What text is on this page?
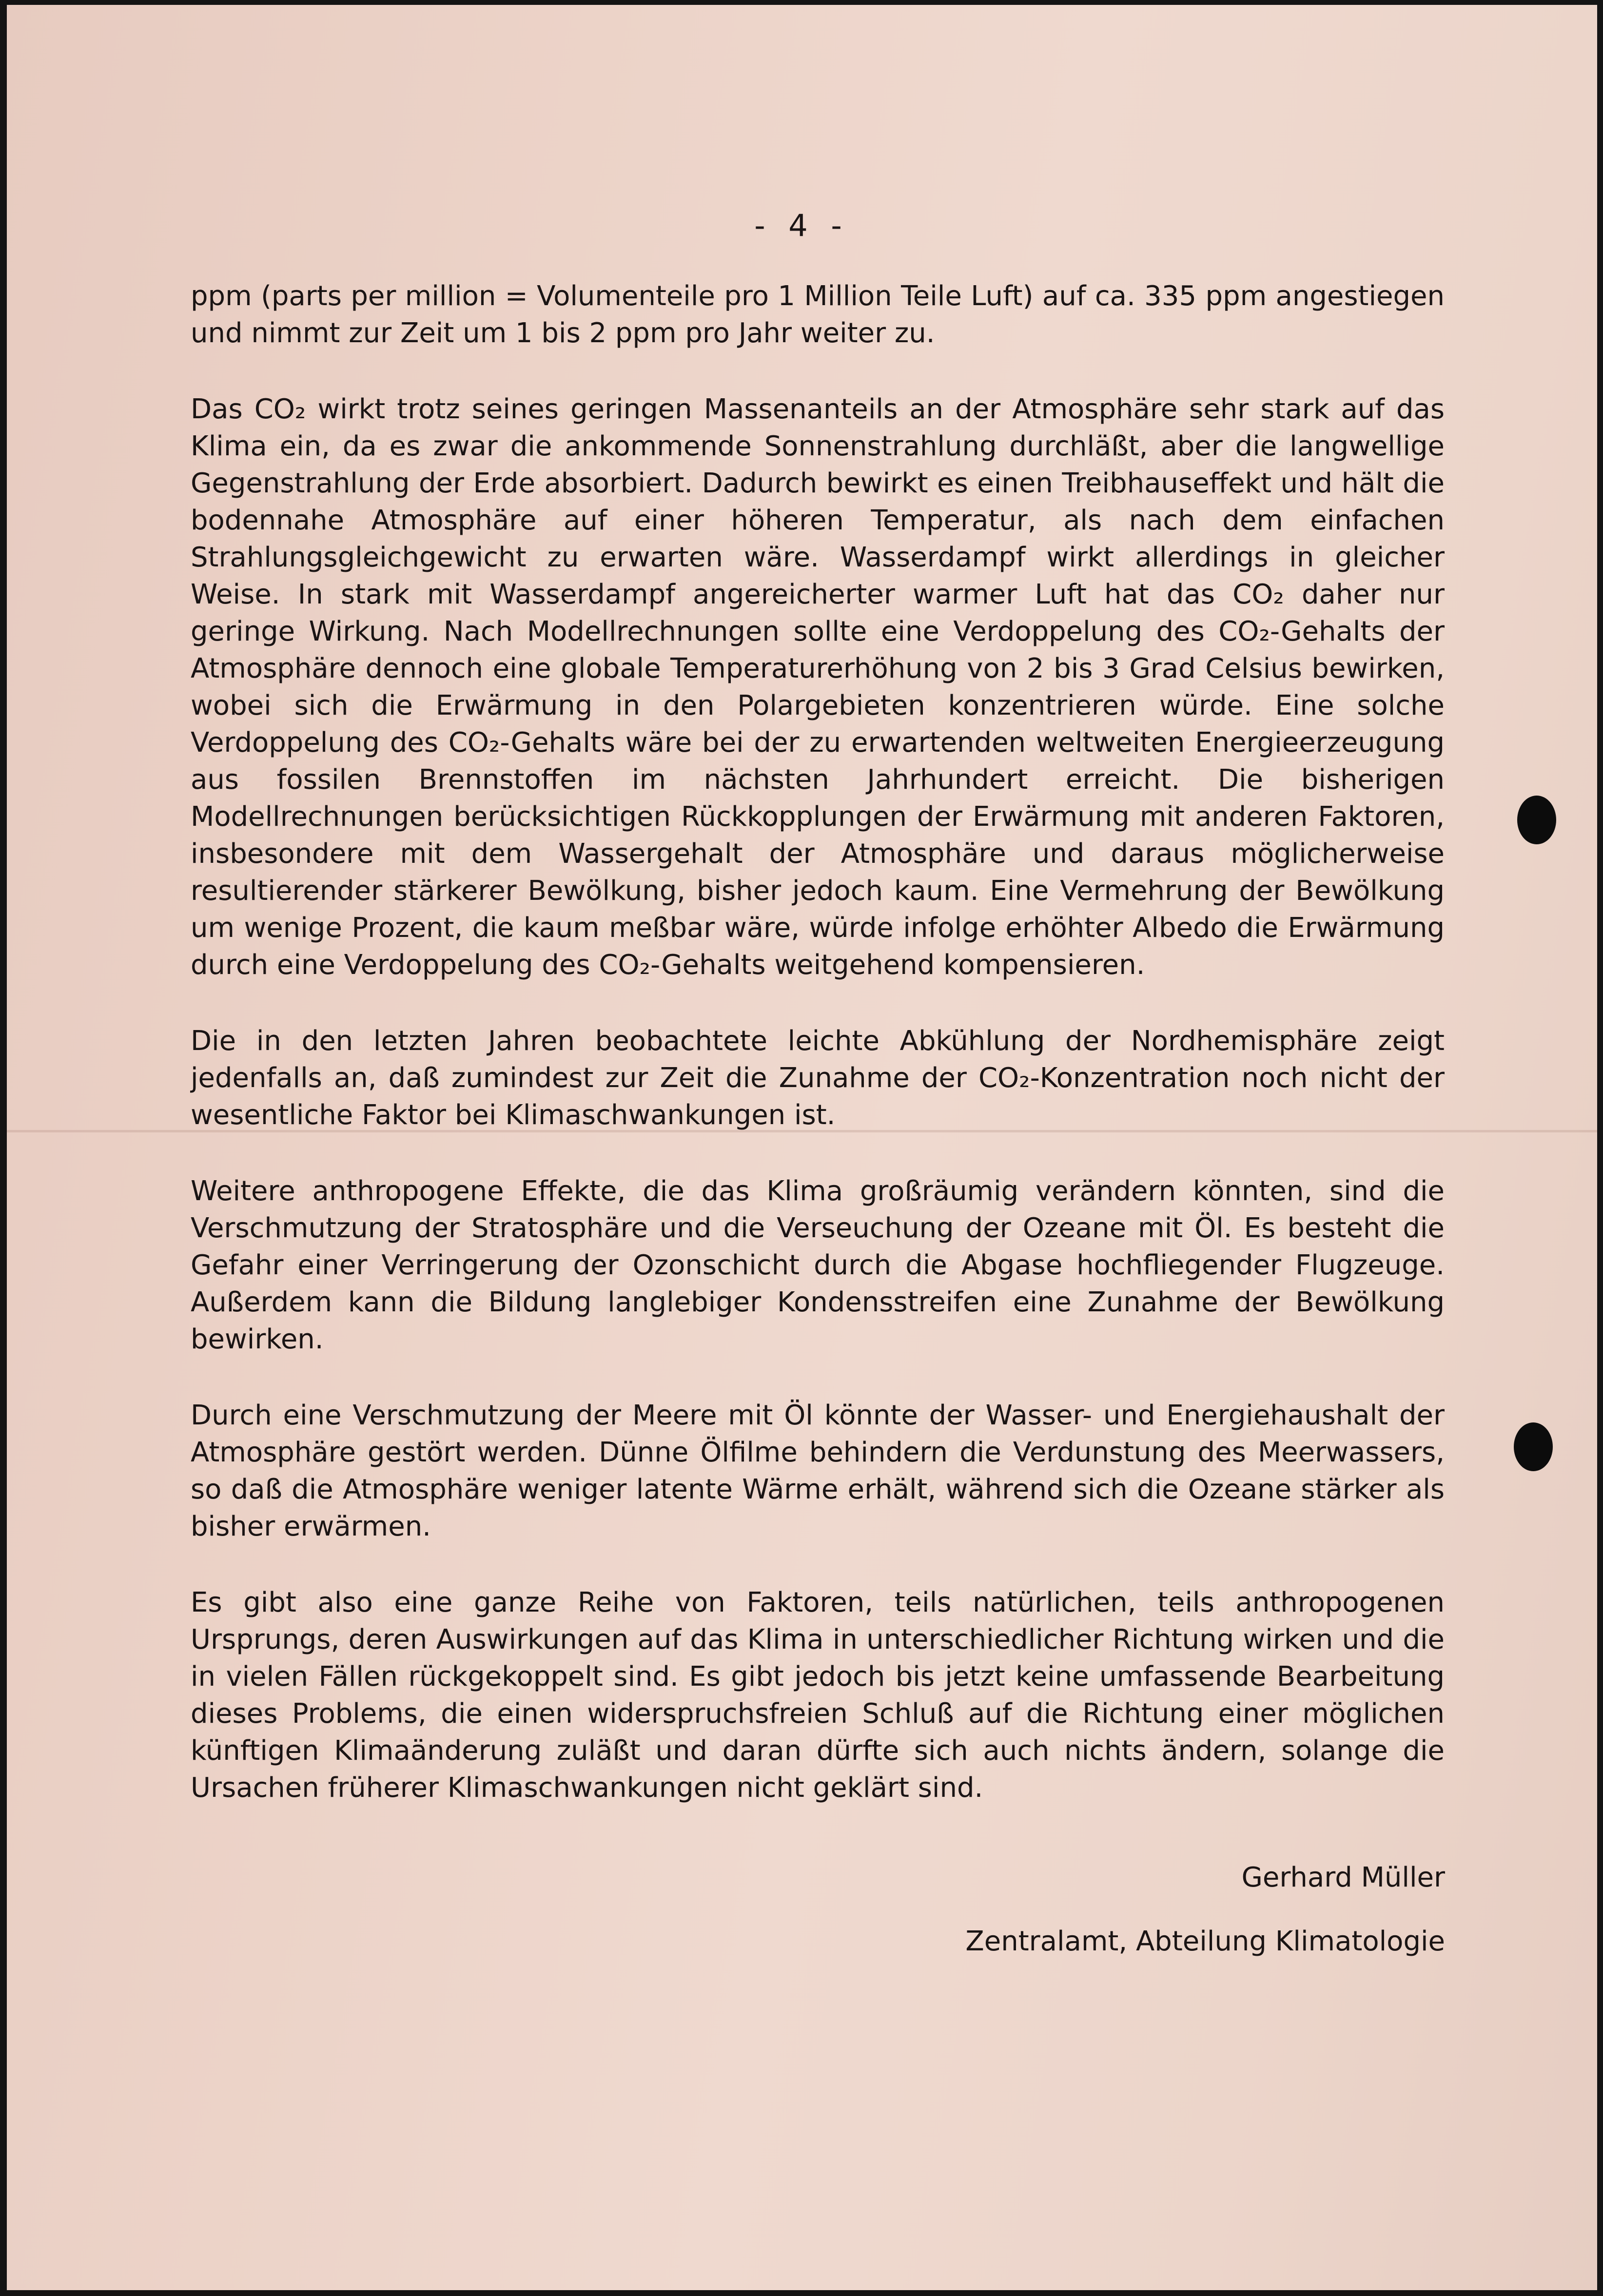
- 4 -

ppm (parts per million = Volumenteile pro 1 Million Teile Luft) auf ca. 335 ppm angestiegen und nimmt zur Zeit um 1 bis 2 ppm pro Jahr weiter zu.

Das CO₂ wirkt trotz seines geringen Massenanteils an der Atmosphäre sehr stark auf das Klima ein, da es zwar die ankommende Sonnenstrahlung durchläßt, aber die langwellige Gegenstrahlung der Erde absorbiert. Dadurch bewirkt es einen Treibhauseffekt und hält die bodennahe Atmosphäre auf einer höheren Temperatur, als nach dem einfachen Strahlungsgleichgewicht zu erwarten wäre. Wasserdampf wirkt allerdings in gleicher Weise. In stark mit Wasserdampf angereicherter warmer Luft hat das CO₂ daher nur geringe Wirkung. Nach Modellrechnungen sollte eine Verdoppelung des CO₂-Gehalts der Atmosphäre dennoch eine globale Temperaturerhöhung von 2 bis 3 Grad Celsius bewirken, wobei sich die Erwärmung in den Polargebieten konzentrieren würde. Eine solche Verdoppelung des CO₂-Gehalts wäre bei der zu erwartenden weltweiten Energieerzeugung aus fossilen Brennstoffen im nächsten Jahrhundert erreicht. Die bisherigen Modellrechnungen berücksichtigen Rückkopplungen der Erwärmung mit anderen Faktoren, insbesondere mit dem Wassergehalt der Atmosphäre und daraus möglicherweise resultierender stärkerer Bewölkung, bisher jedoch kaum. Eine Vermehrung der Bewölkung um wenige Prozent, die kaum meßbar wäre, würde infolge erhöhter Albedo die Erwärmung durch eine Verdoppelung des CO₂-Gehalts weitgehend kompensieren.

Die in den letzten Jahren beobachtete leichte Abkühlung der Nordhemisphäre zeigt jedenfalls an, daß zumindest zur Zeit die Zunahme der CO₂-Konzentration noch nicht der wesentliche Faktor bei Klimaschwankungen ist.

Weitere anthropogene Effekte, die das Klima großräumig verändern könnten, sind die Verschmutzung der Stratosphäre und die Verseuchung der Ozeane mit Öl. Es besteht die Gefahr einer Verringerung der Ozonschicht durch die Abgase hochfliegender Flugzeuge. Außerdem kann die Bildung langlebiger Kondensstreifen eine Zunahme der Bewölkung bewirken.

Durch eine Verschmutzung der Meere mit Öl könnte der Wasser- und Energiehaushalt der Atmosphäre gestört werden. Dünne Ölfilme behindern die Verdunstung des Meerwassers, so daß die Atmosphäre weniger latente Wärme erhält, während sich die Ozeane stärker als bisher erwärmen.

Es gibt also eine ganze Reihe von Faktoren, teils natürlichen, teils anthropogenen Ursprungs, deren Auswirkungen auf das Klima in unterschiedlicher Richtung wirken und die in vielen Fällen rückgekoppelt sind. Es gibt jedoch bis jetzt keine umfassende Bearbeitung dieses Problems, die einen widerspruchsfreien Schluß auf die Richtung einer möglichen künftigen Klimaänderung zuläßt und daran dürfte sich auch nichts ändern, solange die Ursachen früherer Klimaschwankungen nicht geklärt sind.

Gerhard Müller
Zentralamt, Abteilung Klimatologie
